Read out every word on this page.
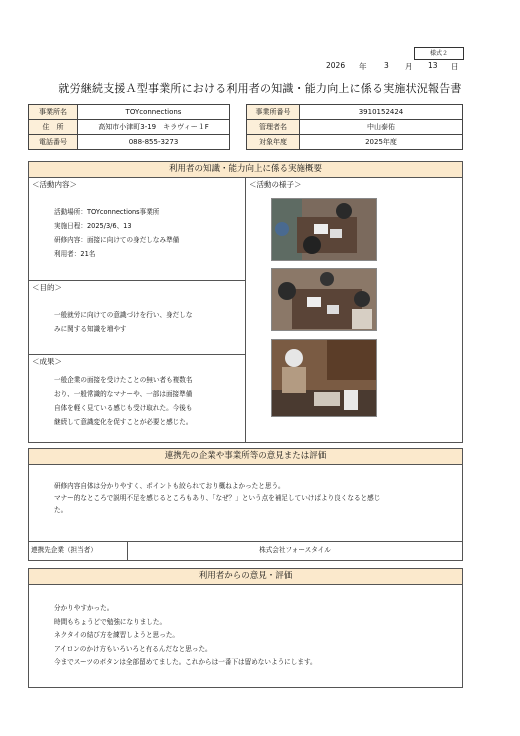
様式２
2026 年 3 月 13 日
就労継続支援Ａ型事業所における利用者の知識・能力向上に係る実施状況報告書
事業所名	TOYconnections
住　所	高知市小津町3-19　キラヴィー１F
電話番号	088-855-3273
事業所番号	3910152424
管理者名	中山泰佑
対象年度	2025年度
利用者の知識・能力向上に係る実施概要
＜活動内容＞
活動場所：TOYconnections事業所
実施日程：2025/3/6、13
研修内容：面接に向けての身だしなみ準備
利用者：21名
＜目的＞
一般就労に向けての意識づけを行い、身だしな
みに関する知識を増やす
＜成果＞
一般企業の面接を受けたことの無い者も複数名
おり、一般常識的なマナーや、一部は面接準備
自体を軽く見ている感じも受け取れた。今後も
継続して意識変化を促すことが必要と感じた。
＜活動の様子＞
連携先の企業や事業所等の意見または評価
研修内容自体は分かりやすく、ポイントも絞られており概ねよかったと思う。
マナー的なところで説明不足を感じるところもあり、「なぜ？」という点を補足していけばより良くなると感じ
た。
連携先企業（担当者）	株式会社フォースタイル
利用者からの意見・評価
分かりやすかった。
時間もちょうどで勉強になりました。
ネクタイの結び方を練習しようと思った。
アイロンのかけ方もいろいろと有るんだなと思った。
今までスーツのボタンは全部留めてました。これからは一番下は留めないようにします。
